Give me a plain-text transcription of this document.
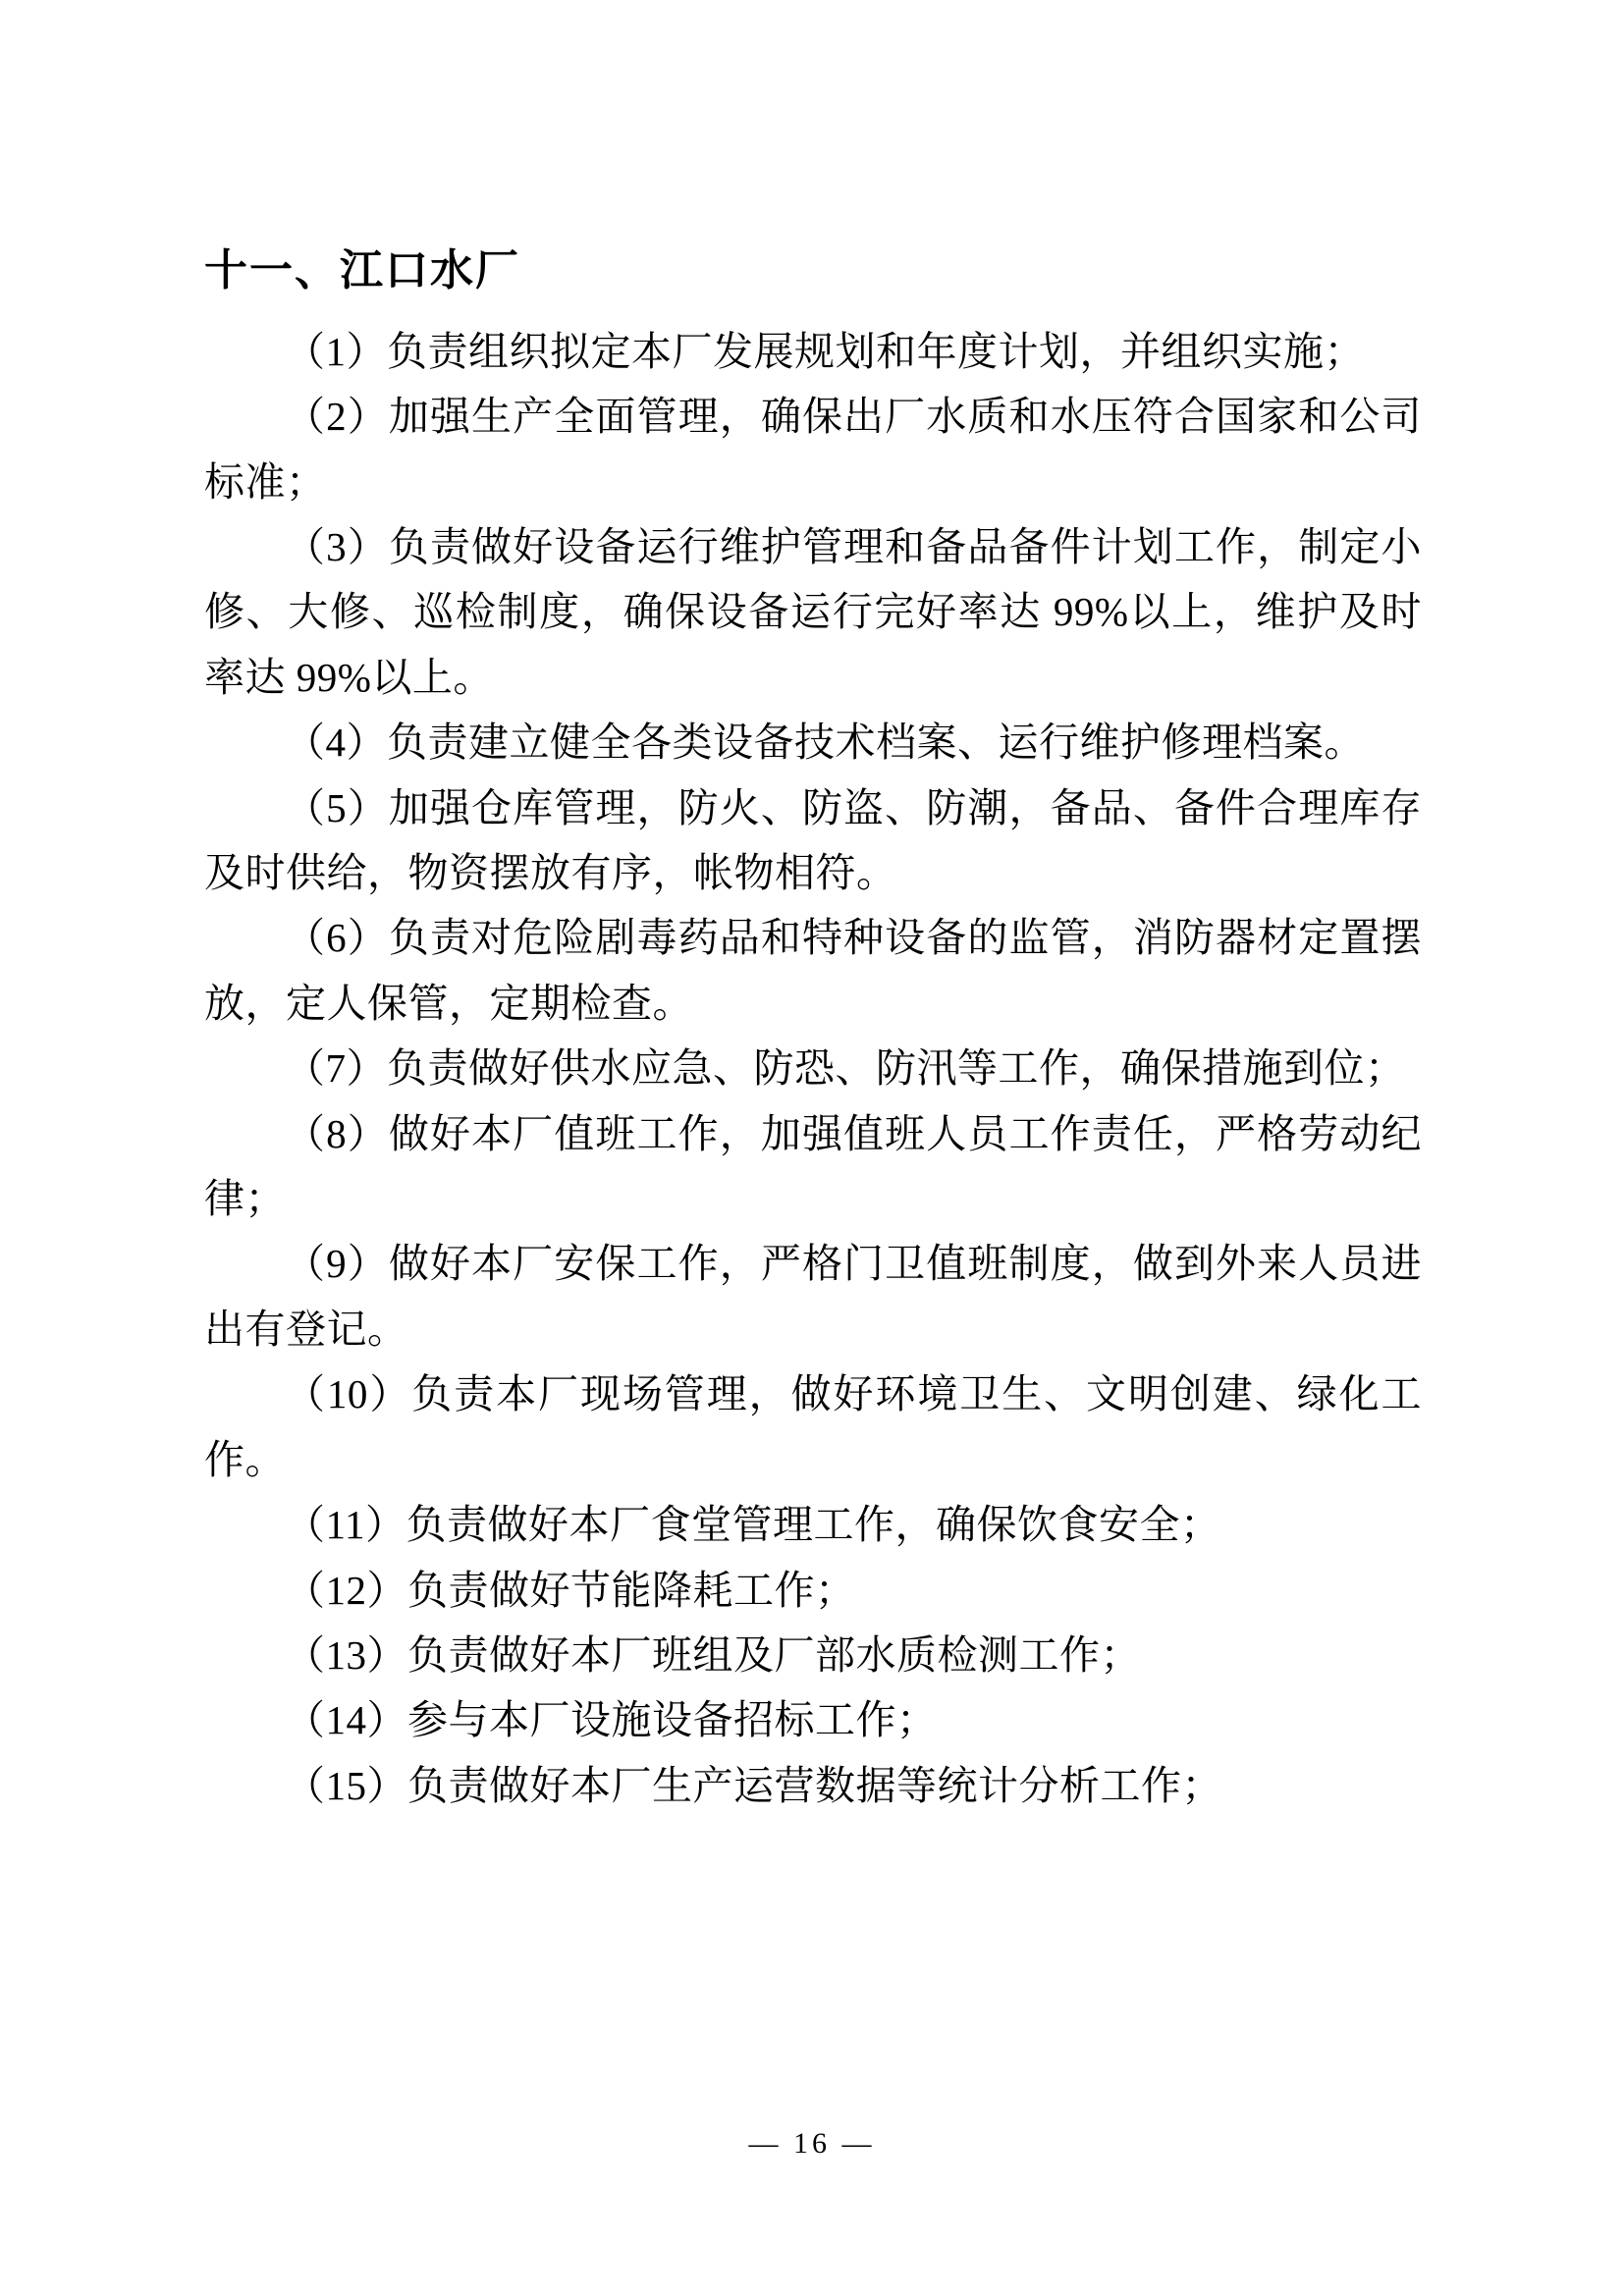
十一、江口水厂

（1）负责组织拟定本厂发展规划和年度计划，并组织实施；

（2）加强生产全面管理，确保出厂水质和水压符合国家和公司标准；

（3）负责做好设备运行维护管理和备品备件计划工作，制定小修、大修、巡检制度，确保设备运行完好率达 99%以上，维护及时率达 99%以上。

（4）负责建立健全各类设备技术档案、运行维护修理档案。

（5）加强仓库管理，防火、防盗、防潮，备品、备件合理库存及时供给，物资摆放有序，帐物相符。

（6）负责对危险剧毒药品和特种设备的监管，消防器材定置摆放，定人保管，定期检查。

（7）负责做好供水应急、防恐、防汛等工作，确保措施到位；

（8）做好本厂值班工作，加强值班人员工作责任，严格劳动纪律；

（9）做好本厂安保工作，严格门卫值班制度，做到外来人员进出有登记。

（10）负责本厂现场管理，做好环境卫生、文明创建、绿化工作。

（11）负责做好本厂食堂管理工作，确保饮食安全；

（12）负责做好节能降耗工作；

（13）负责做好本厂班组及厂部水质检测工作；

（14）参与本厂设施设备招标工作；

（15）负责做好本厂生产运营数据等统计分析工作；

— 16 —
